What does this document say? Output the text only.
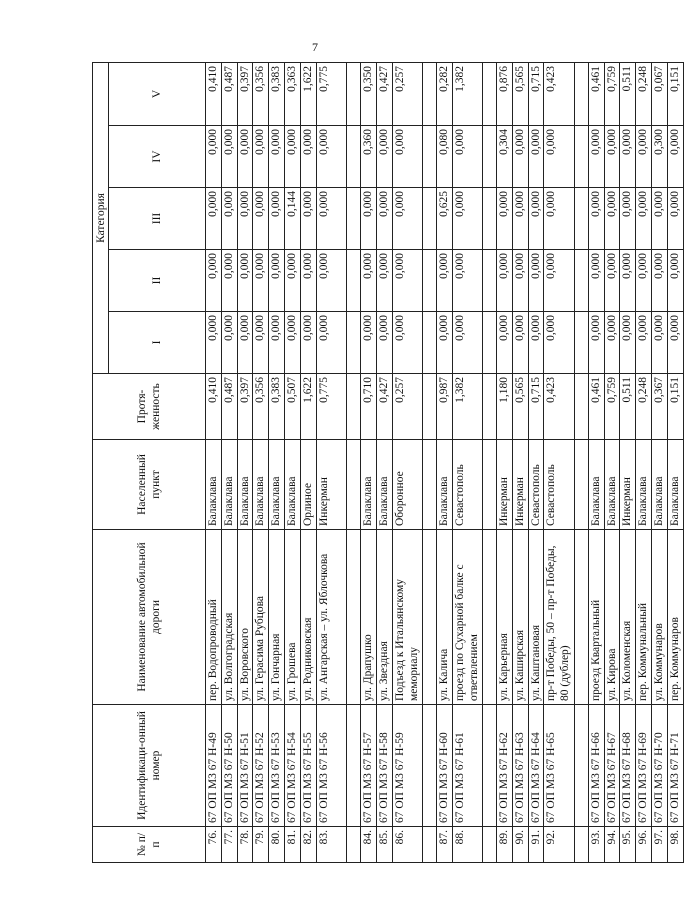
7
№ п/п	Идентификаци-онный номер	Наименование автомобильной дороги	Населенный пункт	Протя-женность	Категория				
					I	II	III	IV	V
76.	67 ОП М3 67 Н-49	пер. Водопроводный	Балаклава	0,410	0,000	0,000	0,000	0,000	0,410
77.	67 ОП М3 67 Н-50	ул. Волгоградская	Балаклава	0,487	0,000	0,000	0,000	0,000	0,487
78.	67 ОП М3 67 Н-51	ул. Воровского	Балаклава	0,397	0,000	0,000	0,000	0,000	0,397
79.	67 ОП М3 67 Н-52	ул. Герасима Рубцова	Балаклава	0,356	0,000	0,000	0,000	0,000	0,356
80.	67 ОП М3 67 Н-53	ул. Гончарная	Балаклава	0,383	0,000	0,000	0,000	0,000	0,383
81.	67 ОП М3 67 Н-54	ул. Грошева	Балаклава	0,507	0,000	0,000	0,144	0,000	0,363
82.	67 ОП М3 67 Н-55	ул. Родниковская	Орлиное	1,622	0,000	0,000	0,000	0,000	1,622
83.	67 ОП М3 67 Н-56	ул. Ангарская – ул. Яблочкова	Инкерман	0,775	0,000	0,000	0,000	0,000	0,775

84.	67 ОП М3 67 Н-57	ул. Драпушко	Балаклава	0,710	0,000	0,000	0,000	0,360	0,350
85.	67 ОП М3 67 Н-58	ул. Звездная	Балаклава	0,427	0,000	0,000	0,000	0,000	0,427
86.	67 ОП М3 67 Н-59	Подъезд к Итальянскому мемориалу	Оборонное	0,257	0,000	0,000	0,000	0,000	0,257

87.	67 ОП М3 67 Н-60	ул. Калича	Балаклава	0,987	0,000	0,000	0,625	0,080	0,282
88.	67 ОП М3 67 Н-61	проезд по Сухарной балке с ответвлением	Севастополь	1,382	0,000	0,000	0,000	0,000	1,382

89.	67 ОП М3 67 Н-62	ул. Карьерная	Инкерман	1,180	0,000	0,000	0,000	0,304	0,876
90.	67 ОП М3 67 Н-63	ул. Каширская	Инкерман	0,565	0,000	0,000	0,000	0,000	0,565
91.	67 ОП М3 67 Н-64	ул. Каштановая	Севастополь	0,715	0,000	0,000	0,000	0,000	0,715
92.	67 ОП М3 67 Н-65	пр-т Победы, 50 – пр-т Победы, 80 (дублер)	Севастополь	0,423	0,000	0,000	0,000	0,000	0,423

93.	67 ОП М3 67 Н-66	проезд Квартальный	Балаклава	0,461	0,000	0,000	0,000	0,000	0,461
94.	67 ОП М3 67 Н-67	ул. Кирова	Балаклава	0,759	0,000	0,000	0,000	0,000	0,759
95.	67 ОП М3 67 Н-68	ул. Коломенская	Инкерман	0,511	0,000	0,000	0,000	0,000	0,511
96.	67 ОП М3 67 Н-69	пер. Коммунальный	Балаклава	0,248	0,000	0,000	0,000	0,000	0,248
97.	67 ОП М3 67 Н-70	ул. Коммунаров	Балаклава	0,367	0,000	0,000	0,000	0,300	0,067
98.	67 ОП М3 67 Н-71	пер. Коммунаров	Балаклава	0,151	0,000	0,000	0,000	0,000	0,151
